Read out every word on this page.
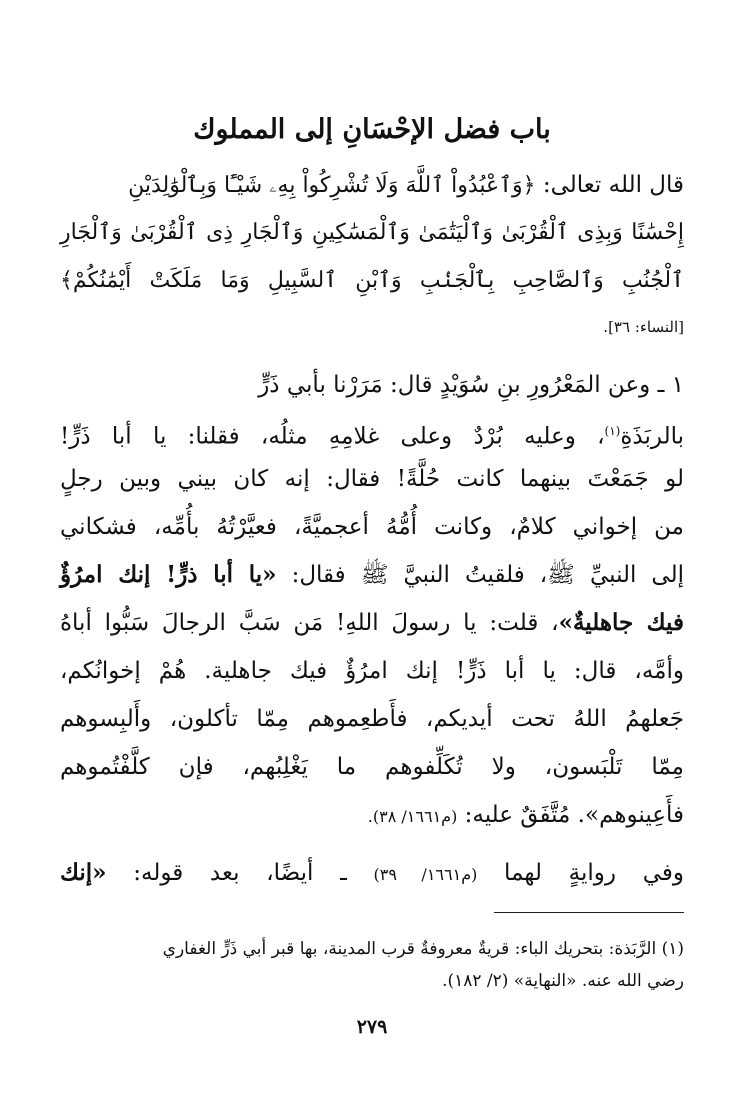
باب فضل الإحْسَانِ إلى المملوك
قال الله تعالى: ﴿وَٱعْبُدُواْ ٱللَّهَ وَلَا تُشْرِكُواْ بِهِۦ شَيْـًٔا وَبِٱلْوَٰلِدَيْنِ
إِحْسَٰنًا وَبِذِى ٱلْقُرْبَىٰ وَٱلْيَتَٰمَىٰ وَٱلْمَسَٰكِينِ وَٱلْجَارِ ذِى ٱلْقُرْبَىٰ وَٱلْجَارِ
ٱلْجُنُبِ وَٱلصَّاحِبِ بِٱلْجَنۢبِ وَٱبْنِ ٱلسَّبِيلِ وَمَا مَلَكَتْ أَيْمَٰنُكُمْ﴾
[النساء: ٣٦].
١ ـ وعن المَعْرُورِ بنِ سُوَيْدٍ قال: مَرَرْنا بأبي ذَرٍّ
بالربَذَةِ$^{(١)}$، وعليه بُرْدٌ وعلى غلامِهِ مثلُه، فقلنا: يا أبا ذَرٍّ!
لو جَمَعْتَ بينهما كانت حُلَّةً! فقال: إنه كان بيني وبين رجلٍ
من إخواني كلامٌ، وكانت أُمُّهُ أعجميَّةً، فعيَّرْتُهُ بأُمِّه، فشكاني
إلى النبيِّ ﷺ، فلقيتُ النبيَّ ﷺ فقال: «يا أبا ذرٍّ! إنك امرُؤٌ
فيك جاهليةٌ»، قلت: يا رسولَ اللهِ! مَن سَبَّ الرجالَ سَبُّوا أباهُ
وأمَّه، قال: يا أبا ذَرٍّ! إنك امرُؤٌ فيك جاهلية. هُمْ إخوانُكم،
جَعلهمُ اللهُ تحت أيديكم، فأَطعِموهم مِمّا تأكلون، وأَلبِسوهم
مِمّا تَلْبَسون، ولا تُكَلِّفوهم ما يَغْلِبُهم، فإن كلَّفْتُموهم
فأَعِينوهم». مُتَّفَقٌ عليه: (م١٦٦١/ ٣٨).
وفي روايةٍ لهما (م١٦٦١/ ٣٩) ـ أيضًا، بعد قوله: «إنك
(١) الرَّبَذة: بتحريك الباء: قريةٌ معروفةٌ قرب المدينة، بها قبر أبي ذَرٍّ الغفاري
رضي الله عنه. «النهاية» (٢/ ١٨٢).
٢٧٩
